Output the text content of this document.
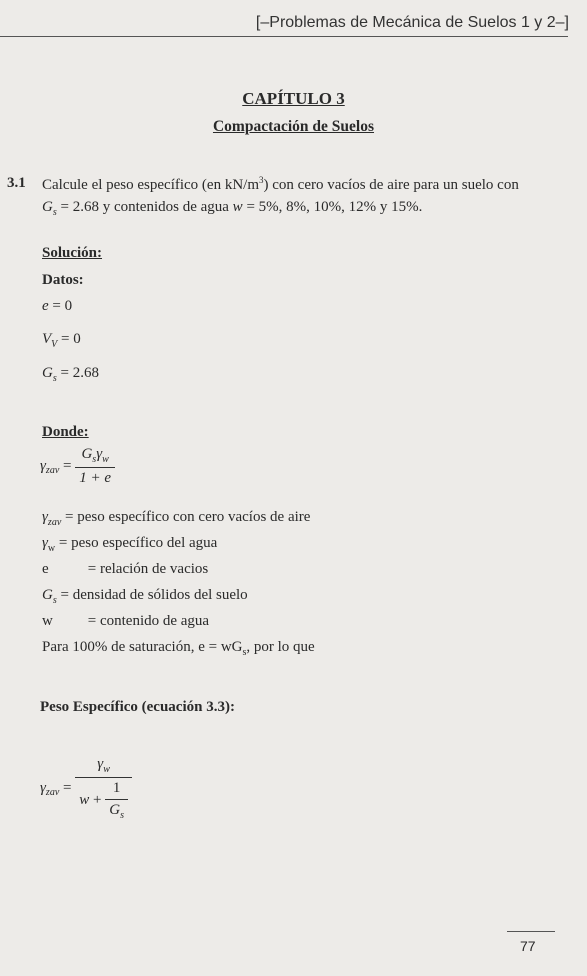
[–Problemas de Mecánica de Suelos 1 y 2–]
CAPÍTULO 3
Compactación de Suelos
3.1 Calcule el peso específico (en $kN/m^3$) con cero vacíos de aire para un suelo con
$G_s = 2.68$ y contenidos de agua w = 5%, 8%, 10%, 12% y 15%.
Solución:
Datos:
e = 0
$V_V = 0$
$G_s = 2.68$
Donde:
$\gamma_{zav} = \frac{G_s\gamma_w}{1 + e}$
$\gamma_{zav}$ = peso específico con cero vacíos de aire
$\gamma_w$ = peso específico del agua
e = relación de vacios
$G_s$ = densidad de sólidos del suelo
w = contenido de agua
Para 100% de saturación, $e = wG_s$, por lo que
Peso Específico (ecuación 3.3):
$\gamma_{zav} = \frac{\gamma_w}{w + \frac{1}{G_s}}$
77
